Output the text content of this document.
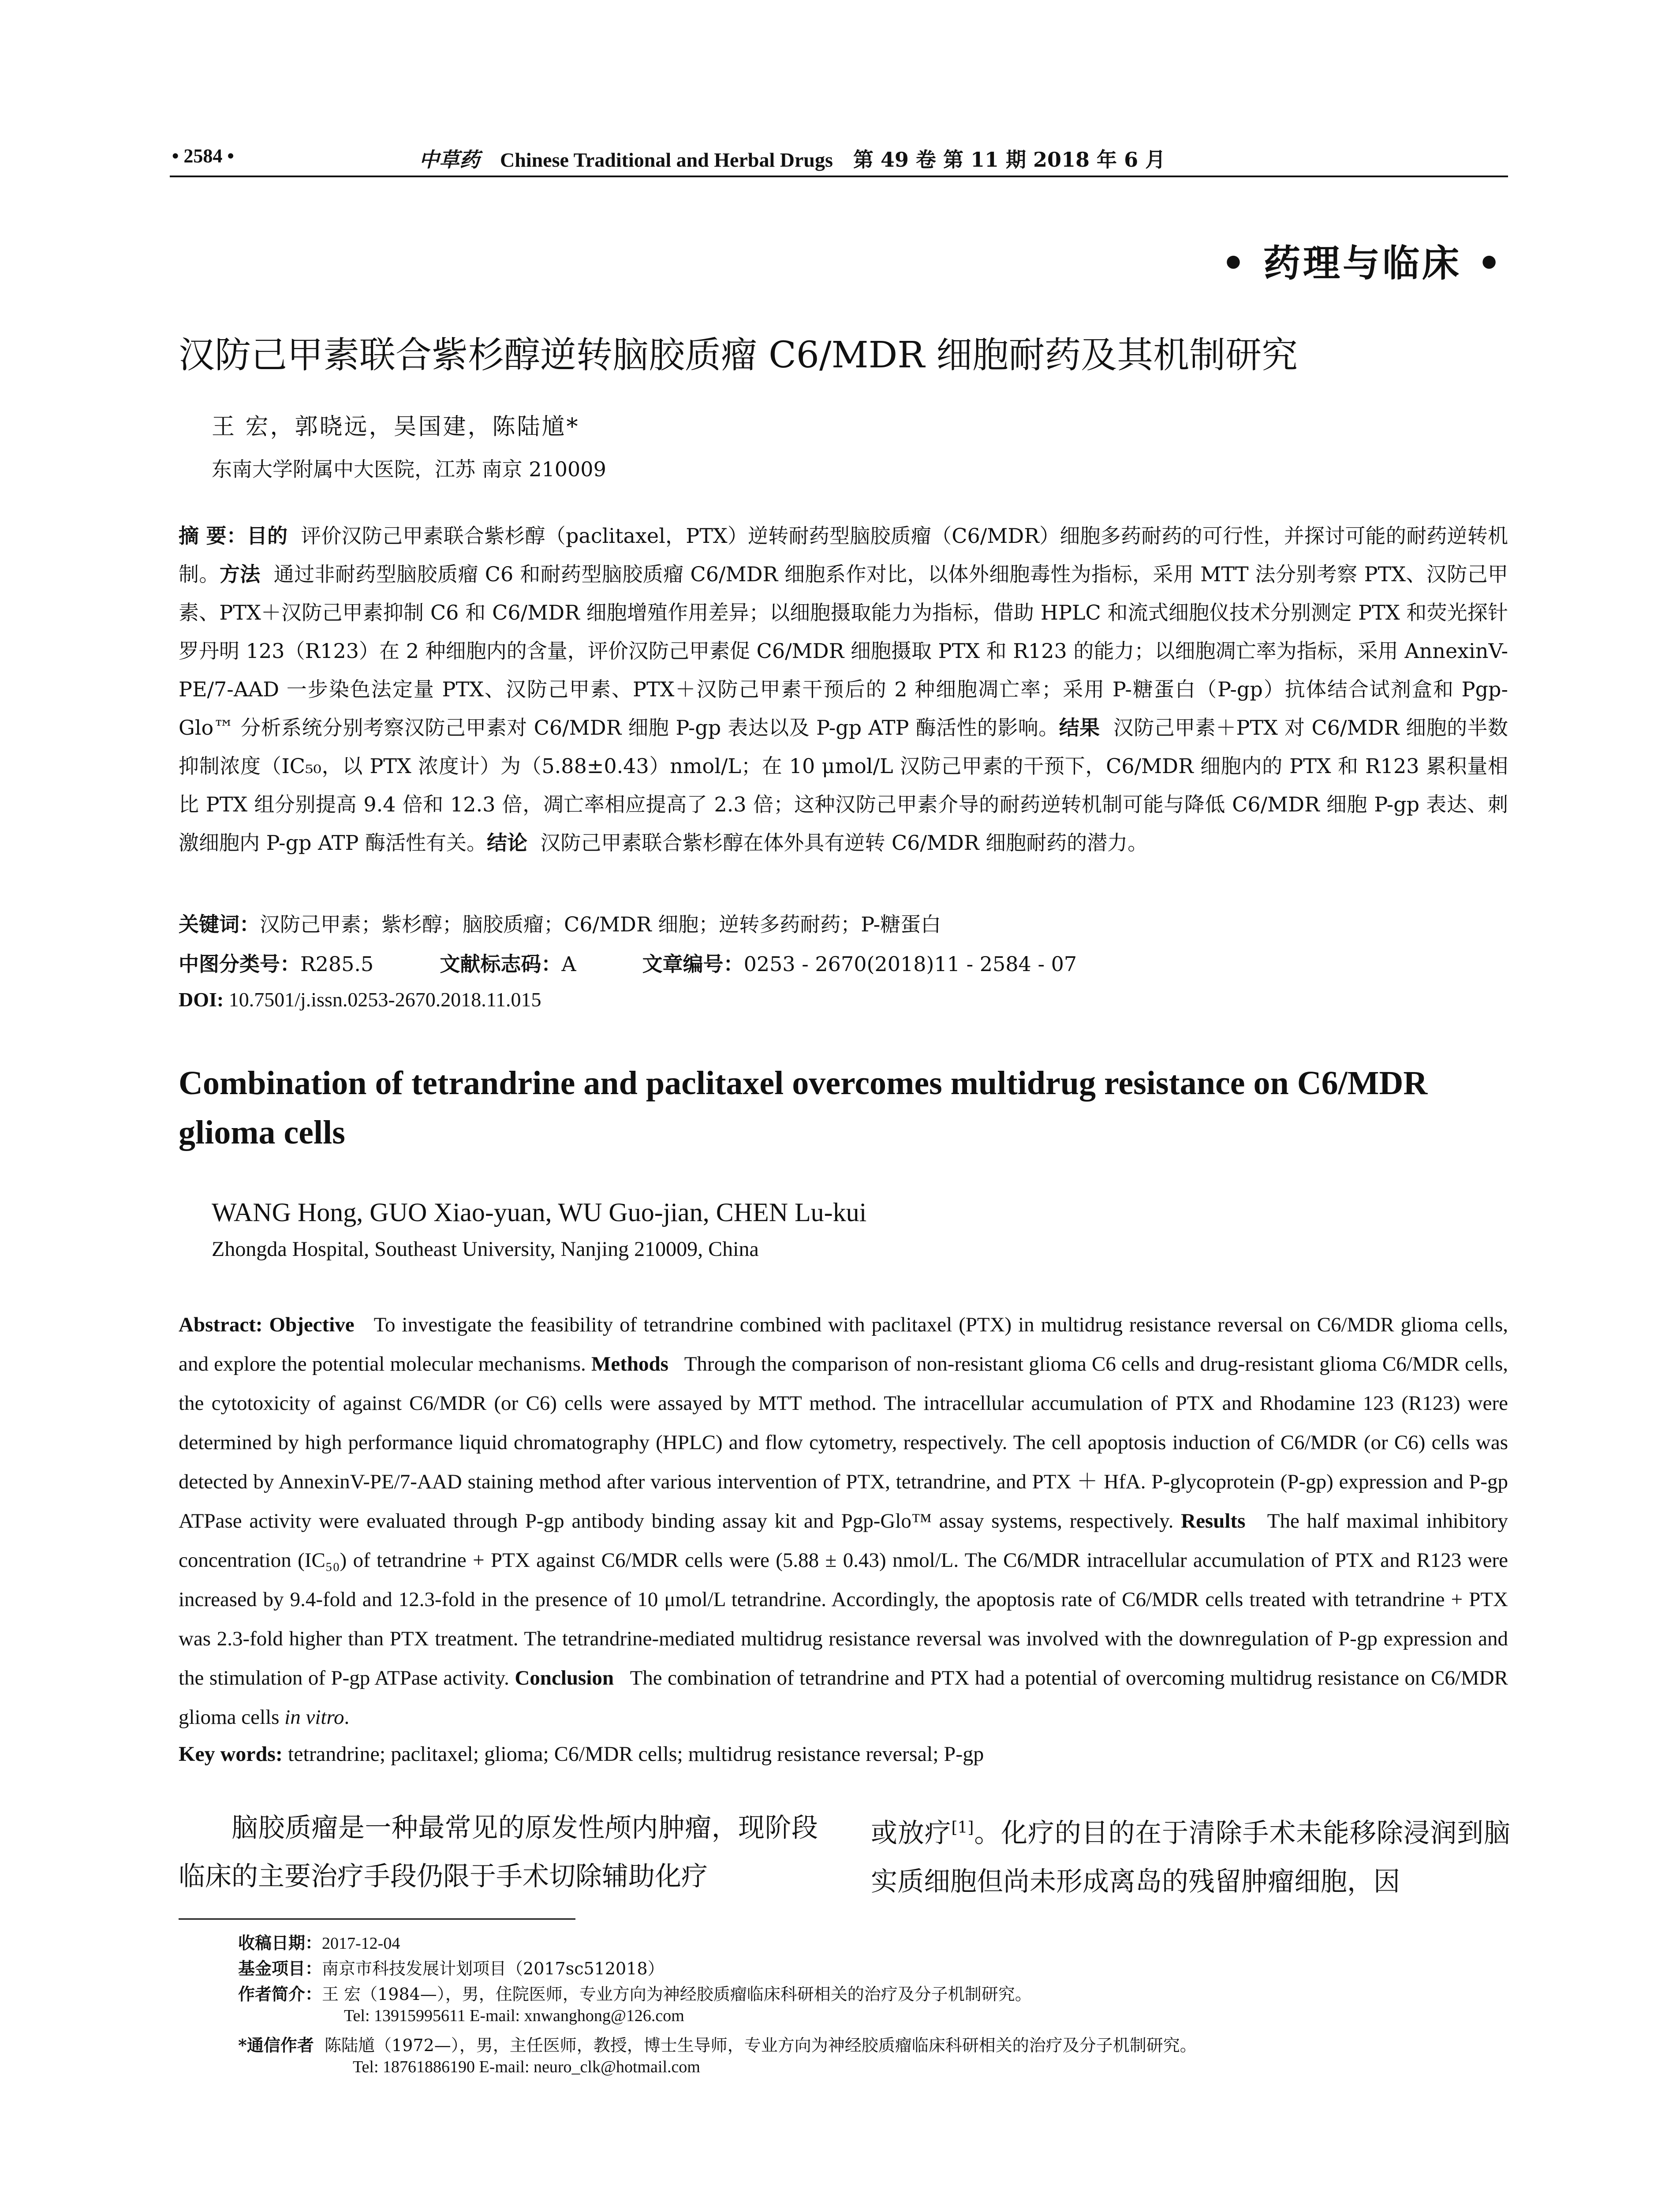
• 2584 •	中草药 Chinese Traditional and Herbal Drugs 第 49 卷 第 11 期 2018 年 6 月
• 药理与临床 •
汉防己甲素联合紫杉醇逆转脑胶质瘤 C6/MDR 细胞耐药及其机制研究
王 宏，郭晓远，吴国建，陈陆馗*
东南大学附属中大医院，江苏 南京 210009
摘 要：目的 评价汉防己甲素联合紫杉醇（paclitaxel，PTX）逆转耐药型脑胶质瘤（C6/MDR）细胞多药耐药的可行性，并探讨可能的耐药逆转机制。方法 通过非耐药型脑胶质瘤 C6 和耐药型脑胶质瘤 C6/MDR 细胞系作对比，以体外细胞毒性为指标，采用 MTT 法分别考察 PTX、汉防己甲素、PTX＋汉防己甲素抑制 C6 和 C6/MDR 细胞增殖作用差异；以细胞摄取能力为指标，借助 HPLC 和流式细胞仪技术分别测定 PTX 和荧光探针罗丹明 123（R123）在 2 种细胞内的含量，评价汉防己甲素促 C6/MDR 细胞摄取 PTX 和 R123 的能力；以细胞凋亡率为指标，采用 AnnexinV-PE/7-AAD 一步染色法定量 PTX、汉防己甲素、PTX＋汉防己甲素干预后的 2 种细胞凋亡率；采用 P-糖蛋白（P-gp）抗体结合试剂盒和 Pgp-Glo™ 分析系统分别考察汉防己甲素对 C6/MDR 细胞 P-gp 表达以及 P-gp ATP 酶活性的影响。结果 汉防己甲素＋PTX 对 C6/MDR 细胞的半数抑制浓度（IC₅₀，以 PTX 浓度计）为（5.88±0.43）nmol/L；在 10 μmol/L 汉防己甲素的干预下，C6/MDR 细胞内的 PTX 和 R123 累积量相比 PTX 组分别提高 9.4 倍和 12.3 倍，凋亡率相应提高了 2.3 倍；这种汉防己甲素介导的耐药逆转机制可能与降低 C6/MDR 细胞 P-gp 表达、刺激细胞内 P-gp ATP 酶活性有关。结论 汉防己甲素联合紫杉醇在体外具有逆转 C6/MDR 细胞耐药的潜力。
关键词：汉防己甲素；紫杉醇；脑胶质瘤；C6/MDR 细胞；逆转多药耐药；P-糖蛋白
中图分类号：R285.5	文献标志码：A	文章编号：0253 - 2670(2018)11 - 2584 - 07
DOI: 10.7501/j.issn.0253-2670.2018.11.015
Combination of tetrandrine and paclitaxel overcomes multidrug resistance on C6/MDR glioma cells
WANG Hong, GUO Xiao-yuan, WU Guo-jian, CHEN Lu-kui
Zhongda Hospital, Southeast University, Nanjing 210009, China
Abstract: Objective To investigate the feasibility of tetrandrine combined with paclitaxel (PTX) in multidrug resistance reversal on C6/MDR glioma cells, and explore the potential molecular mechanisms. Methods Through the comparison of non-resistant glioma C6 cells and drug-resistant glioma C6/MDR cells, the cytotoxicity of against C6/MDR (or C6) cells were assayed by MTT method. The intracellular accumulation of PTX and Rhodamine 123 (R123) were determined by high performance liquid chromatography (HPLC) and flow cytometry, respectively. The cell apoptosis induction of C6/MDR (or C6) cells was detected by AnnexinV-PE/7-AAD staining method after various intervention of PTX, tetrandrine, and PTX ＋ HfA. P-glycoprotein (P-gp) expression and P-gp ATPase activity were evaluated through P-gp antibody binding assay kit and Pgp-Glo™ assay systems, respectively. Results The half maximal inhibitory concentration (IC₅₀) of tetrandrine + PTX against C6/MDR cells were (5.88 ± 0.43) nmol/L. The C6/MDR intracellular accumulation of PTX and R123 were increased by 9.4-fold and 12.3-fold in the presence of 10 μmol/L tetrandrine. Accordingly, the apoptosis rate of C6/MDR cells treated with tetrandrine + PTX was 2.3-fold higher than PTX treatment. The tetrandrine-mediated multidrug resistance reversal was involved with the downregulation of P-gp expression and the stimulation of P-gp ATPase activity. Conclusion The combination of tetrandrine and PTX had a potential of overcoming multidrug resistance on C6/MDR glioma cells in vitro.
Key words: tetrandrine; paclitaxel; glioma; C6/MDR cells; multidrug resistance reversal; P-gp
脑胶质瘤是一种最常见的原发性颅内肿瘤，现阶段临床的主要治疗手段仍限于手术切除辅助化疗
或放疗[1]。化疗的目的在于清除手术未能移除浸润到脑实质细胞但尚未形成离岛的残留肿瘤细胞，因
收稿日期：2017-12-04
基金项目：南京市科技发展计划项目（2017sc512018）
作者简介：王 宏（1984—），男，住院医师，专业方向为神经胶质瘤临床科研相关的治疗及分子机制研究。
Tel: 13915995611 E-mail: xnwanghong@126.com
*通信作者 陈陆馗（1972—），男，主任医师，教授，博士生导师，专业方向为神经胶质瘤临床科研相关的治疗及分子机制研究。
Tel: 18761886190 E-mail: neuro_clk@hotmail.com
